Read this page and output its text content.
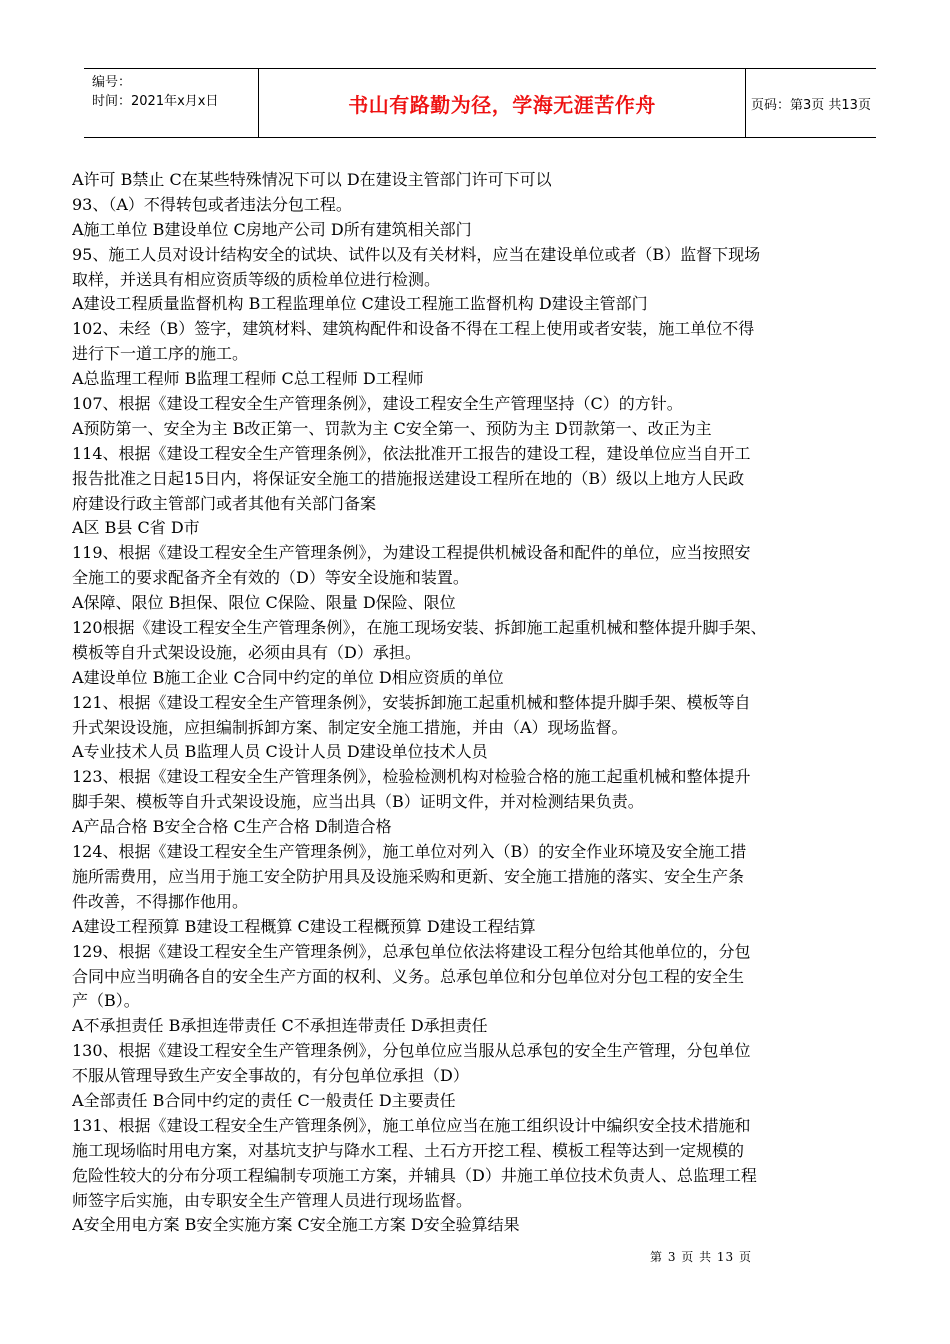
编号：
时间：2021年x月x日	书山有路勤为径，学海无涯苦作舟	页码：第3页 共13页
A许可 B禁止 C在某些特殊情况下可以 D在建设主管部门许可下可以
93、（A）不得转包或者违法分包工程。
A施工单位 B建设单位 C房地产公司 D所有建筑相关部门
95、施工人员对设计结构安全的试块、试件以及有关材料，应当在建设单位或者（B）监督下现场
取样，并送具有相应资质等级的质检单位进行检测。
A建设工程质量监督机构 B工程监理单位 C建设工程施工监督机构 D建设主管部门
102、未经（B）签字，建筑材料、建筑构配件和设备不得在工程上使用或者安装，施工单位不得
进行下一道工序的施工。
A总监理工程师 B监理工程师 C总工程师 D工程师
107、根据《建设工程安全生产管理条例》，建设工程安全生产管理坚持（C）的方针。
A预防第一、安全为主 B改正第一、罚款为主 C安全第一、预防为主 D罚款第一、改正为主
114、根据《建设工程安全生产管理条例》，依法批准开工报告的建设工程，建设单位应当自开工
报告批准之日起15日内，将保证安全施工的措施报送建设工程所在地的（B）级以上地方人民政
府建设行政主管部门或者其他有关部门备案
A区 B县 C省 D市
119、根据《建设工程安全生产管理条例》，为建设工程提供机械设备和配件的单位，应当按照安
全施工的要求配备齐全有效的（D）等安全设施和装置。
A保障、限位 B担保、限位 C保险、限量 D保险、限位
120根据《建设工程安全生产管理条例》，在施工现场安装、拆卸施工起重机械和整体提升脚手架、
模板等自升式架设设施，必须由具有（D）承担。
A建设单位 B施工企业 C合同中约定的单位 D相应资质的单位
121、根据《建设工程安全生产管理条例》，安装拆卸施工起重机械和整体提升脚手架、模板等自
升式架设设施，应担编制拆卸方案、制定安全施工措施，并由（A）现场监督。
A专业技术人员 B监理人员 C设计人员 D建设单位技术人员
123、根据《建设工程安全生产管理条例》，检验检测机构对检验合格的施工起重机械和整体提升
脚手架、模板等自升式架设设施，应当出具（B）证明文件，并对检测结果负责。
A产品合格 B安全合格 C生产合格 D制造合格
124、根据《建设工程安全生产管理条例》，施工单位对列入（B）的安全作业环境及安全施工措
施所需费用，应当用于施工安全防护用具及设施采购和更新、安全施工措施的落实、安全生产条
件改善，不得挪作他用。
A建设工程预算 B建设工程概算 C建设工程概预算 D建设工程结算
129、根据《建设工程安全生产管理条例》，总承包单位依法将建设工程分包给其他单位的，分包
合同中应当明确各自的安全生产方面的权利、义务。总承包单位和分包单位对分包工程的安全生
产（B）。
A不承担责任 B承担连带责任 C不承担连带责任 D承担责任
130、根据《建设工程安全生产管理条例》，分包单位应当服从总承包的安全生产管理，分包单位
不服从管理导致生产安全事故的，有分包单位承担（D）
A全部责任 B合同中约定的责任 C一般责任 D主要责任
131、根据《建设工程安全生产管理条例》，施工单位应当在施工组织设计中编织安全技术措施和
施工现场临时用电方案，对基坑支护与降水工程、土石方开挖工程、模板工程等达到一定规模的
危险性较大的分布分项工程编制专项施工方案，并辅具（D）井施工单位技术负责人、总监理工程
师签字后实施，由专职安全生产管理人员进行现场监督。
A安全用电方案 B安全实施方案 C安全施工方案 D安全验算结果
第 3 页 共 13 页
